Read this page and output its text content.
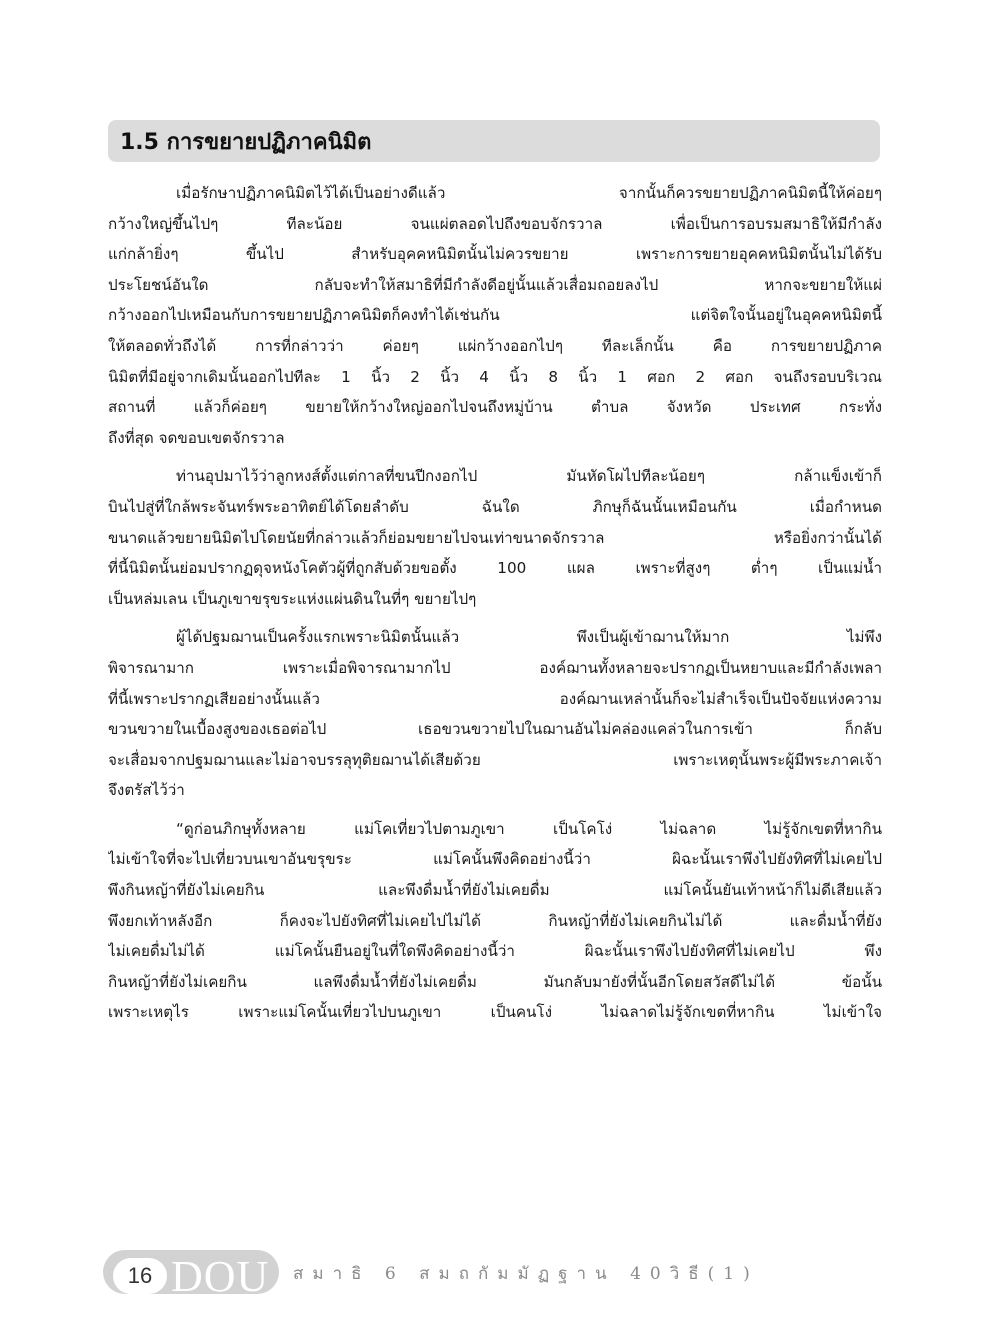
1.5 การขยายปฏิภาคนิมิต
เมื่อรักษาปฏิภาคนิมิตไว้ได้เป็นอย่างดีแล้ว จากนั้นก็ควรขยายปฏิภาคนิมิตนี้ให้ค่อยๆ
กว้างใหญ่ขึ้นไปๆ ทีละน้อย จนแผ่ตลอดไปถึงขอบจักรวาล เพื่อเป็นการอบรมสมาธิให้มีกำลัง
แก่กล้ายิ่งๆ ขึ้นไป สำหรับอุคคหนิมิตนั้นไม่ควรขยาย เพราะการขยายอุคคหนิมิตนั้นไม่ได้รับ
ประโยชน์อันใด กลับจะทำให้สมาธิที่มีกำลังดีอยู่นั้นแล้วเสื่อมถอยลงไป หากจะขยายให้แผ่
กว้างออกไปเหมือนกับการขยายปฏิภาคนิมิตก็คงทำได้เช่นกัน แต่จิตใจนั้นอยู่ในอุคคหนิมิตนี้
ให้ตลอดทั่วถึงได้ การที่กล่าวว่า ค่อยๆ แผ่กว้างออกไปๆ ทีละเล็กนั้น คือ การขยายปฏิภาค
นิมิตที่มีอยู่จากเดิมนั้นออกไปทีละ 1 นิ้ว 2 นิ้ว 4 นิ้ว 8 นิ้ว 1 ศอก 2 ศอก จนถึงรอบบริเวณ
สถานที่ แล้วก็ค่อยๆ ขยายให้กว้างใหญ่ออกไปจนถึงหมู่บ้าน ตำบล จังหวัด ประเทศ กระทั่ง
ถึงที่สุด จดขอบเขตจักรวาล
ท่านอุปมาไว้ว่าลูกหงส์ตั้งแต่กาลที่ขนปีกงอกไป มันหัดโผไปทีละน้อยๆ กล้าแข็งเข้าก็
บินไปสู่ที่ใกล้พระจันทร์พระอาทิตย์ได้โดยลำดับ ฉันใด ภิกษุก็ฉันนั้นเหมือนกัน เมื่อกำหนด
ขนาดแล้วขยายนิมิตไปโดยนัยที่กล่าวแล้วก็ย่อมขยายไปจนเท่าขนาดจักรวาล หรือยิ่งกว่านั้นได้
ที่นี้นิมิตนั้นย่อมปรากฏดุจหนังโคตัวผู้ที่ถูกสับด้วยขอตั้ง 100 แผล เพราะที่สูงๆ ต่ำๆ เป็นแม่น้ำ
เป็นหล่มเลน เป็นภูเขาขรุขระแห่งแผ่นดินในที่ๆ ขยายไปๆ
ผู้ได้ปฐมฌานเป็นครั้งแรกเพราะนิมิตนั้นแล้ว พึงเป็นผู้เข้าฌานให้มาก ไม่พึง
พิจารณามาก เพราะเมื่อพิจารณามากไป องค์ฌานทั้งหลายจะปรากฏเป็นหยาบและมีกำลังเพลา
ที่นี้เพราะปรากฏเสียอย่างนั้นแล้ว องค์ฌานเหล่านั้นก็จะไม่สำเร็จเป็นปัจจัยแห่งความ
ขวนขวายในเบื้องสูงของเธอต่อไป เธอขวนขวายไปในฌานอันไม่คล่องแคล่วในการเข้า ก็กลับ
จะเสื่อมจากปฐมฌานและไม่อาจบรรลุทุติยฌานได้เสียด้วย เพราะเหตุนั้นพระผู้มีพระภาคเจ้า
จึงตรัสไว้ว่า
“ดูก่อนภิกษุทั้งหลาย แม่โคเที่ยวไปตามภูเขา เป็นโคโง่ ไม่ฉลาด ไม่รู้จักเขตที่หากิน
ไม่เข้าใจที่จะไปเที่ยวบนเขาอันขรุขระ แม่โคนั้นพึงคิดอย่างนี้ว่า ผิฉะนั้นเราพึงไปยังทิศที่ไม่เคยไป
พึงกินหญ้าที่ยังไม่เคยกิน และพึงดื่มน้ำที่ยังไม่เคยดื่ม แม่โคนั้นยันเท้าหน้าก็ไม่ดีเสียแล้ว
พึงยกเท้าหลังอีก ก็คงจะไปยังทิศที่ไม่เคยไปไม่ได้ กินหญ้าที่ยังไม่เคยกินไม่ได้ และดื่มน้ำที่ยัง
ไม่เคยดื่มไม่ได้ แม่โคนั้นยืนอยู่ในที่ใดพึงคิดอย่างนี้ว่า ผิฉะนั้นเราพึงไปยังทิศที่ไม่เคยไป พึง
กินหญ้าที่ยังไม่เคยกิน แลพึงดื่มน้ำที่ยังไม่เคยดื่ม มันกลับมายังที่นั้นอีกโดยสวัสดีไม่ได้ ข้อนั้น
เพราะเหตุไร เพราะแม่โคนั้นเที่ยวไปบนภูเขา เป็นคนโง่ ไม่ฉลาดไม่รู้จักเขตที่หากิน ไม่เข้าใจ
16 DOU สมาธิ 6 สมถกัมมัฏฐาน 40วิธี(1)
